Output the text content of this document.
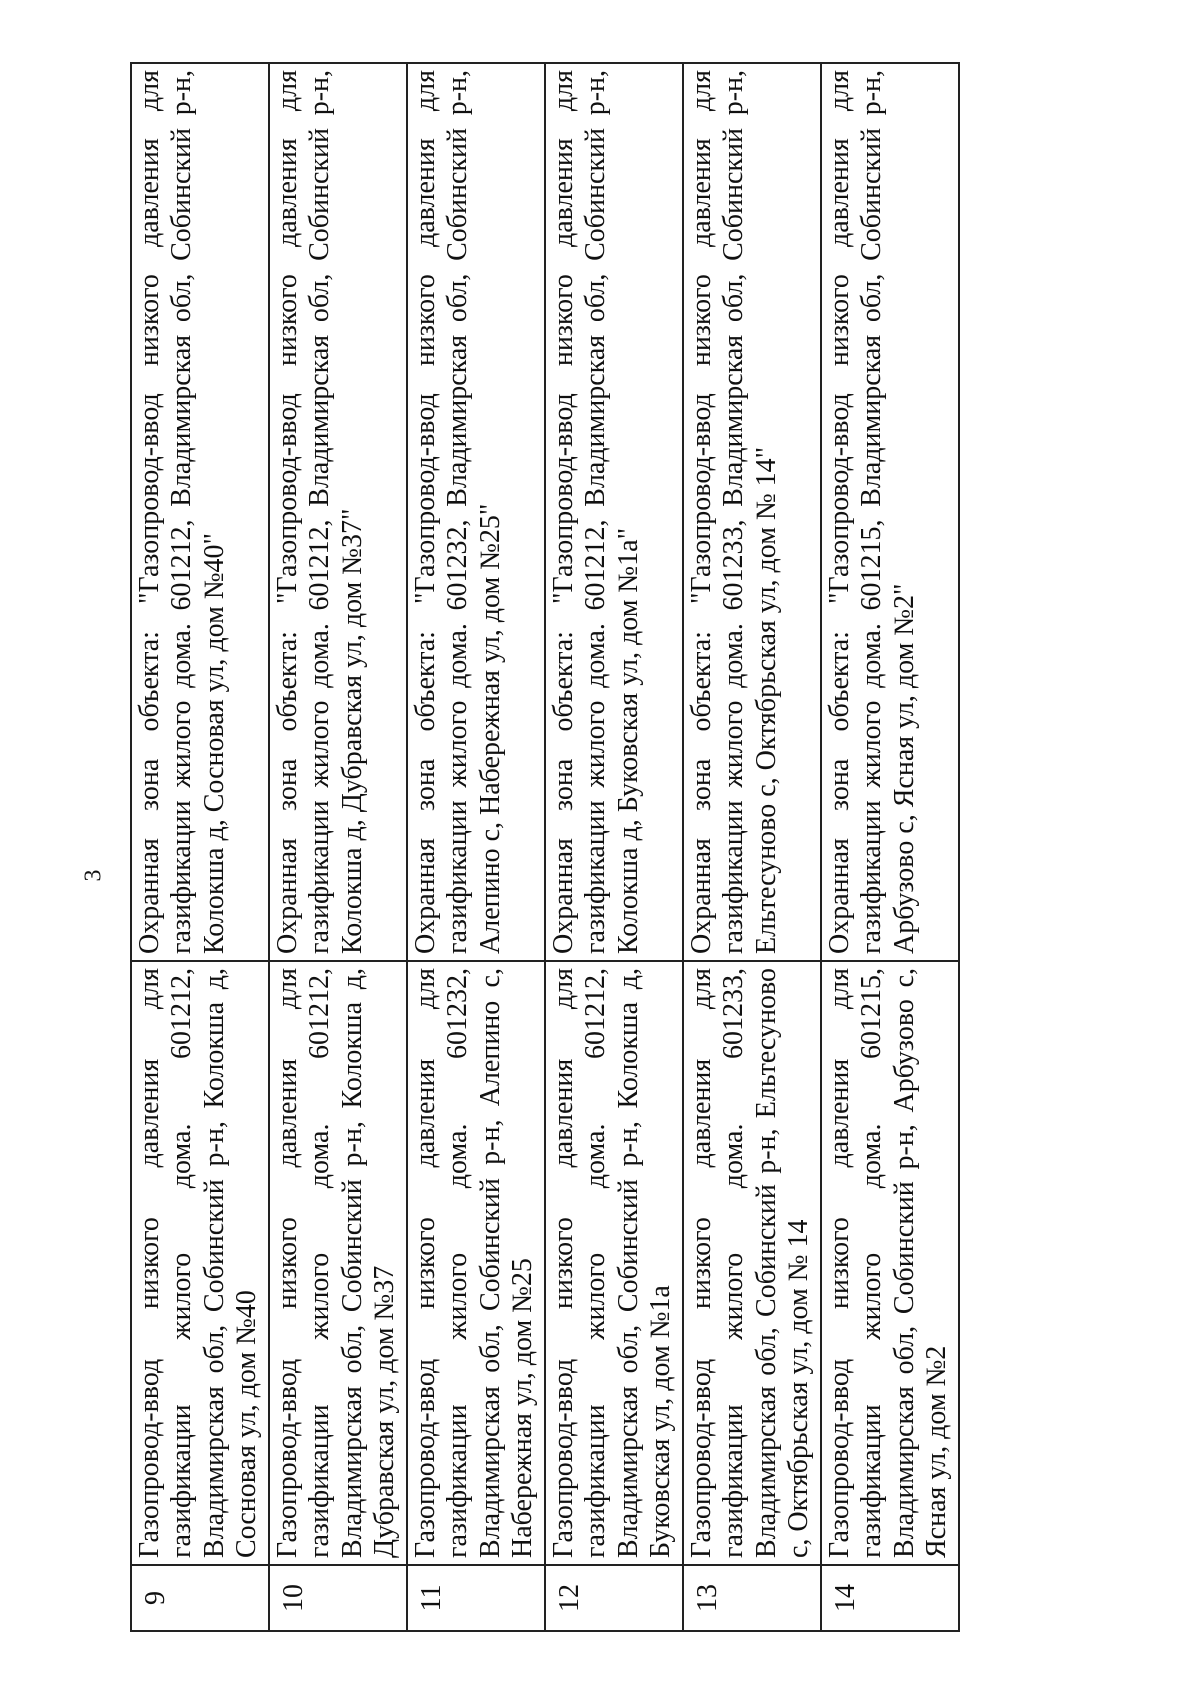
3
9	Газопровод-ввод низкого давления для газификации жилого дома. 601212, Владимирская обл, Собинский р-н, Колокша д, Сосновая ул, дом №40	Охранная зона объекта: "Газопровод-ввод низкого давления для газификации жилого дома. 601212, Владимирская обл, Собинский р-н, Колокша д, Сосновая ул, дом №40"
10	Газопровод-ввод низкого давления для газификации жилого дома. 601212, Владимирская обл, Собинский р-н, Колокша д, Дубравская ул, дом №37	Охранная зона объекта: "Газопровод-ввод низкого давления для газификации жилого дома. 601212, Владимирская обл, Собинский р-н, Колокша д, Дубравская ул, дом №37"
11	Газопровод-ввод низкого давления для газификации жилого дома. 601232, Владимирская обл, Собинский р-н, Алепино с, Набережная ул, дом №25	Охранная зона объекта: "Газопровод-ввод низкого давления для газификации жилого дома. 601232, Владимирская обл, Собинский р-н, Алепино с, Набережная ул, дом №25"
12	Газопровод-ввод низкого давления для газификации жилого дома. 601212, Владимирская обл, Собинский р-н, Колокша д, Буковская ул, дом №1а	Охранная зона объекта: "Газопровод-ввод низкого давления для газификации жилого дома. 601212, Владимирская обл, Собинский р-н, Колокша д, Буковская ул, дом №1а"
13	Газопровод-ввод низкого давления для газификации жилого дома. 601233, Владимирская обл, Собинский р-н, Ельтесуново с, Октябрьская ул, дом № 14	Охранная зона объекта: "Газопровод-ввод низкого давления для газификации жилого дома. 601233, Владимирская обл, Собинский р-н, Ельтесуново с, Октябрьская ул, дом № 14"
14	Газопровод-ввод низкого давления для газификации жилого дома. 601215, Владимирская обл, Собинский р-н, Арбузово с, Ясная ул, дом №2	Охранная зона объекта: "Газопровод-ввод низкого давления для газификации жилого дома. 601215, Владимирская обл, Собинский р-н, Арбузово с, Ясная ул, дом №2"
